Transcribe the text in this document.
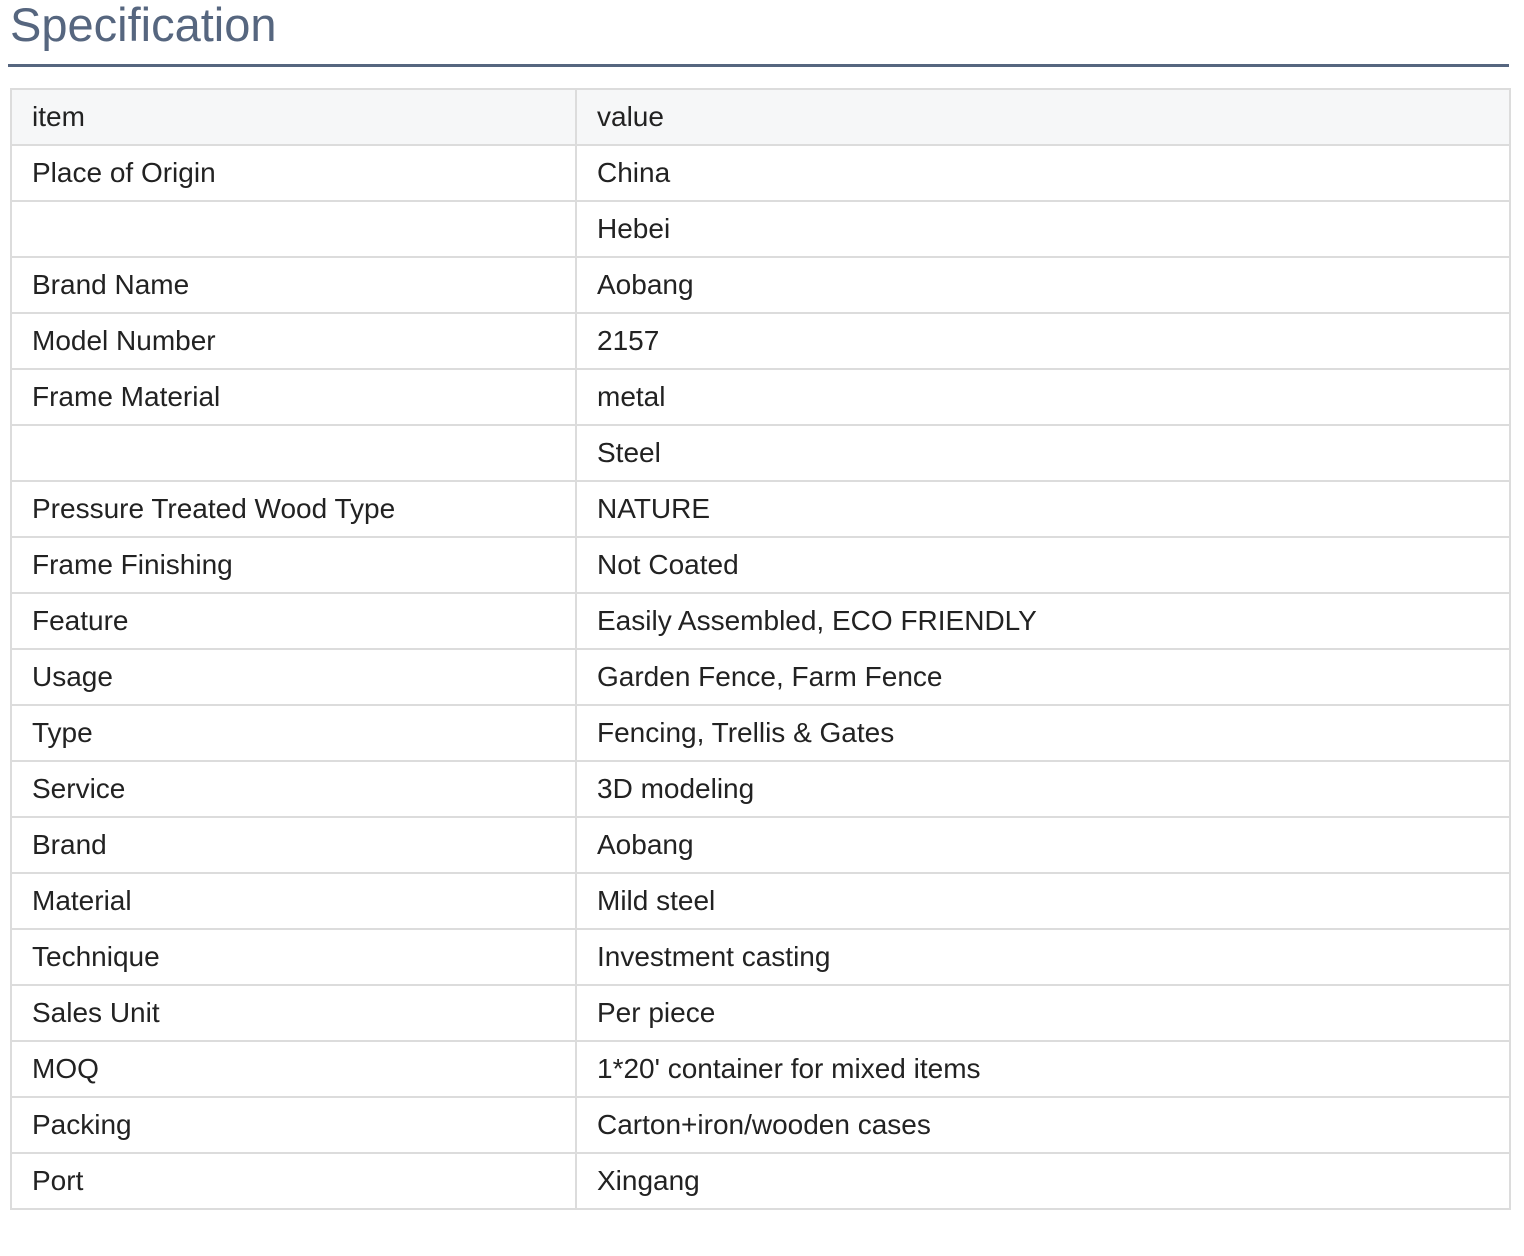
Specification
item	value
Place of Origin	China
	Hebei
Brand Name	Aobang
Model Number	2157
Frame Material	metal
	Steel
Pressure Treated Wood Type	NATURE
Frame Finishing	Not Coated
Feature	Easily Assembled, ECO FRIENDLY
Usage	Garden Fence, Farm Fence
Type	Fencing, Trellis & Gates
Service	3D modeling
Brand	Aobang
Material	Mild steel
Technique	Investment casting
Sales Unit	Per piece
MOQ	1*20' container for mixed items
Packing	Carton+iron/wooden cases
Port	Xingang
